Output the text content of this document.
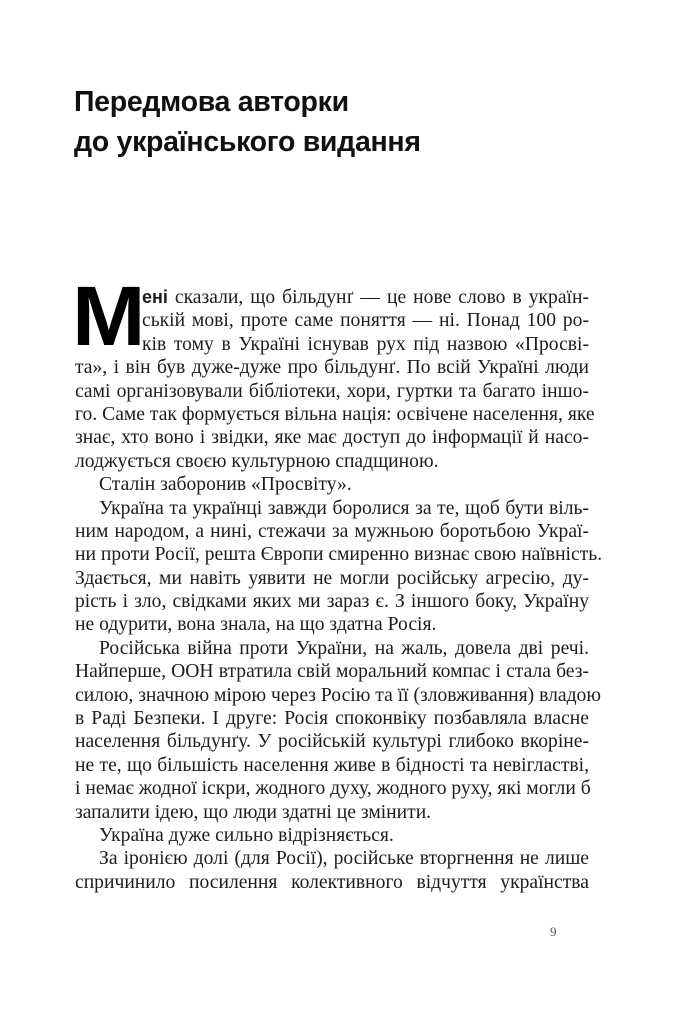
Передмова авторки
до українського видання
М
ені сказали, що більдунґ — це нове слово в україн-
ській мові, проте саме поняття — ні. Понад 100 ро-
ків тому в Україні існував рух під назвою «Просві-
та», і він був дуже-дуже про більдунґ. По всій Україні люди
самі організовували бібліотеки, хори, гуртки та багато іншо-
го. Саме так формується вільна нація: освічене населення, яке
знає, хто воно і звідки, яке має доступ до інформації й насо-
лоджується своєю культурною спадщиною.
Сталін заборонив «Просвіту».
Україна та українці завжди боролися за те, щоб бути віль-
ним народом, а нині, стежачи за мужньою боротьбою Украї-
ни проти Росії, решта Європи смиренно визнає свою наївність.
Здається, ми навіть уявити не могли російську агресію, ду-
рість і зло, свідками яких ми зараз є. З іншого боку, Україну
не одурити, вона знала, на що здатна Росія.
Російська війна проти України, на жаль, довела дві речі.
Найперше, ООН втратила свій моральний компас і стала без-
силою, значною мірою через Росію та її (зловживання) владою
в Раді Безпеки. І друге: Росія споконвіку позбавляла власне
населення більдунґу. У російській культурі глибоко вкоріне-
не те, що більшість населення живе в бідності та невігластві,
і немає жодної іскри, жодного духу, жодного руху, які могли б
запалити ідею, що люди здатні це змінити.
Україна дуже сильно відрізняється.
За іронією долі (для Росії), російське вторгнення не лише
спричинило посилення колективного відчуття українства
9
